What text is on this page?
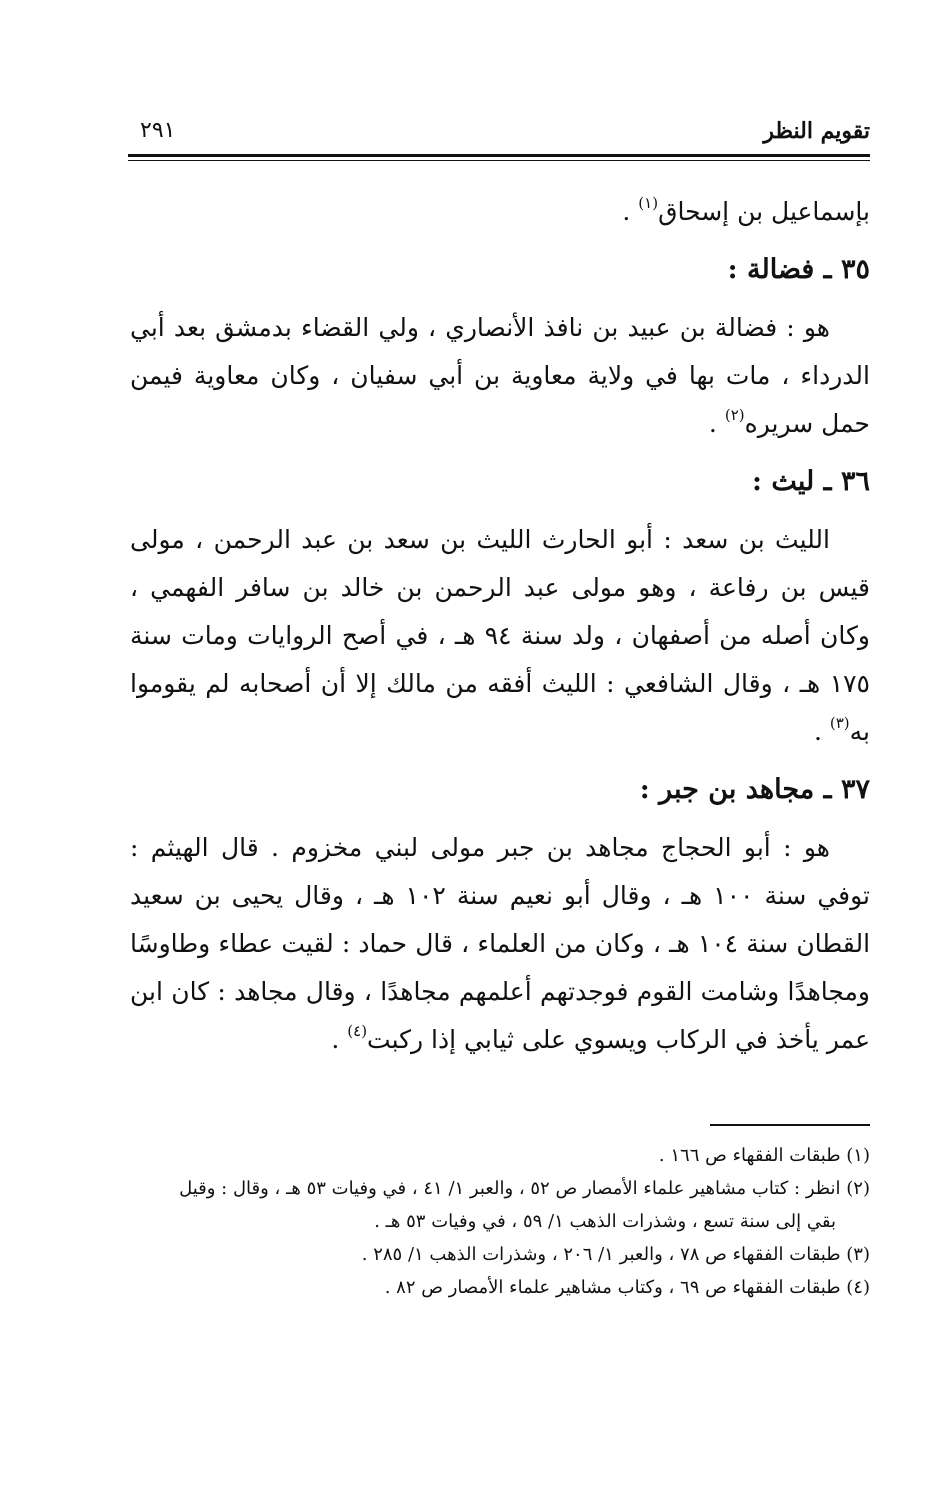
تقويم النظر
٢٩١

بإسماعيل بن إسحاق$^{(١)}$ .

٣٥ ـ فضالة :

هو : فضالة بن عبيد بن نافذ الأنصاري ، ولي القضاء بدمشق بعد أبي الدرداء ، مات بها في ولاية معاوية بن أبي سفيان ، وكان معاوية فيمن حمل سريره$^{(٢)}$ .

٣٦ ـ ليث :

الليث بن سعد : أبو الحارث الليث بن سعد بن عبد الرحمن ، مولى قيس بن رفاعة ، وهو مولى عبد الرحمن بن خالد بن سافر الفهمي ، وكان أصله من أصفهان ، ولد سنة ٩٤ هـ ، في أصح الروايات ومات سنة ١٧٥ هـ ، وقال الشافعي : الليث أفقه من مالك إلا أن أصحابه لم يقوموا به$^{(٣)}$ .

٣٧ ـ مجاهد بن جبر :

هو : أبو الحجاج مجاهد بن جبر مولى لبني مخزوم . قال الهيثم : توفي سنة ١٠٠ هـ ، وقال أبو نعيم سنة ١٠٢ هـ ، وقال يحيى بن سعيد القطان سنة ١٠٤ هـ ، وكان من العلماء ، قال حماد : لقيت عطاء وطاوسًا ومجاهدًا وشامت القوم فوجدتهم أعلمهم مجاهدًا ، وقال مجاهد : كان ابن عمر يأخذ في الركاب ويسوي على ثيابي إذا ركبت$^{(٤)}$ .

(١) طبقات الفقهاء ص ١٦٦ .

(٢) انظر : كتاب مشاهير علماء الأمصار ص ٥٢ ، والعبر ١/ ٤١ ، في وفيات ٥٣ هـ ، وقال : وقيل

بقي إلى سنة تسع ، وشذرات الذهب ١/ ٥٩ ، في وفيات ٥٣ هـ .

(٣) طبقات الفقهاء ص ٧٨ ، والعبر ١/ ٢٠٦ ، وشذرات الذهب ١/ ٢٨٥ .

(٤) طبقات الفقهاء ص ٦٩ ، وكتاب مشاهير علماء الأمصار ص ٨٢ .
